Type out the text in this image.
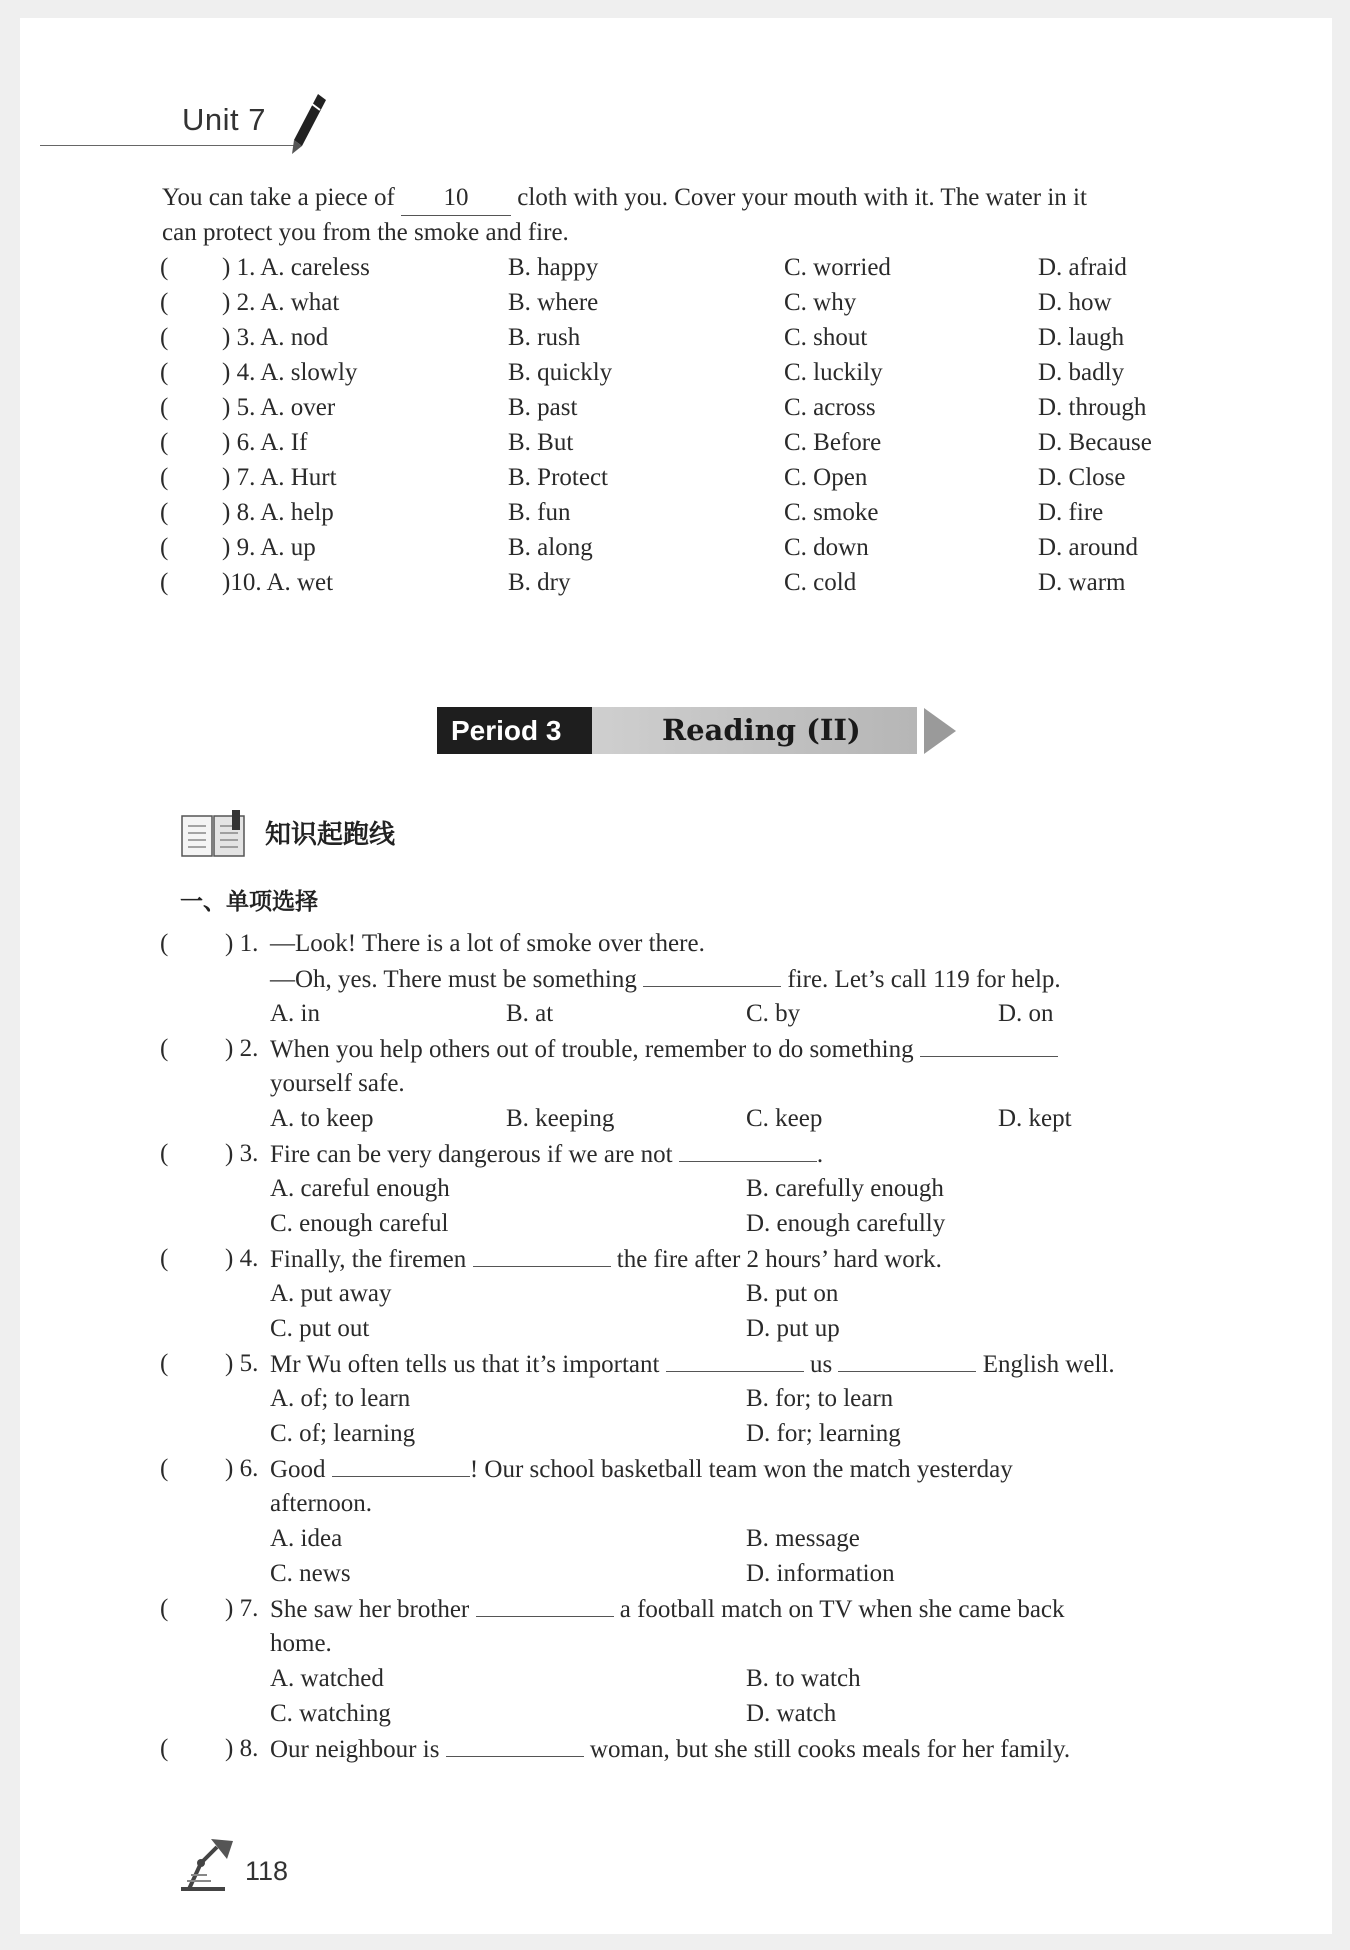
Unit 7
You can take a piece of 10 cloth with you. Cover your mouth with it. The water in it
can protect you from the smoke and fire.
( ) 1. A. careless	B. happy	C. worried	D. afraid
( ) 2. A. what	B. where	C. why	D. how
( ) 3. A. nod	B. rush	C. shout	D. laugh
( ) 4. A. slowly	B. quickly	C. luckily	D. badly
( ) 5. A. over	B. past	C. across	D. through
( ) 6. A. If	B. But	C. Before	D. Because
( ) 7. A. Hurt	B. Protect	C. Open	D. Close
( ) 8. A. help	B. fun	C. smoke	D. fire
( ) 9. A. up	B. along	C. down	D. around
( )10. A. wet	B. dry	C. cold	D. warm
Period 3	Reading (II)
知识起跑线
一、单项选择
( ) 1. —Look! There is a lot of smoke over there.
—Oh, yes. There must be something	fire. Let’s call 119 for help.
A. in	B. at	C. by	D. on
( ) 2. When you help others out of trouble, remember to do something
yourself safe.
A. to keep	B. keeping	C. keep	D. kept
( ) 3. Fire can be very dangerous if we are not	.
A. careful enough	B. carefully enough
C. enough careful	D. enough carefully
( ) 4. Finally, the firemen	the fire after 2 hours’ hard work.
A. put away	B. put on
C. put out	D. put up
( ) 5. Mr Wu often tells us that it’s important	us	English well.
A. of; to learn	B. for; to learn
C. of; learning	D. for; learning
( ) 6. Good	! Our school basketball team won the match yesterday
afternoon.
A. idea	B. message
C. news	D. information
( ) 7. She saw her brother	a football match on TV when she came back
home.
A. watched	B. to watch
C. watching	D. watch
( ) 8. Our neighbour is	woman, but she still cooks meals for her family.
118
